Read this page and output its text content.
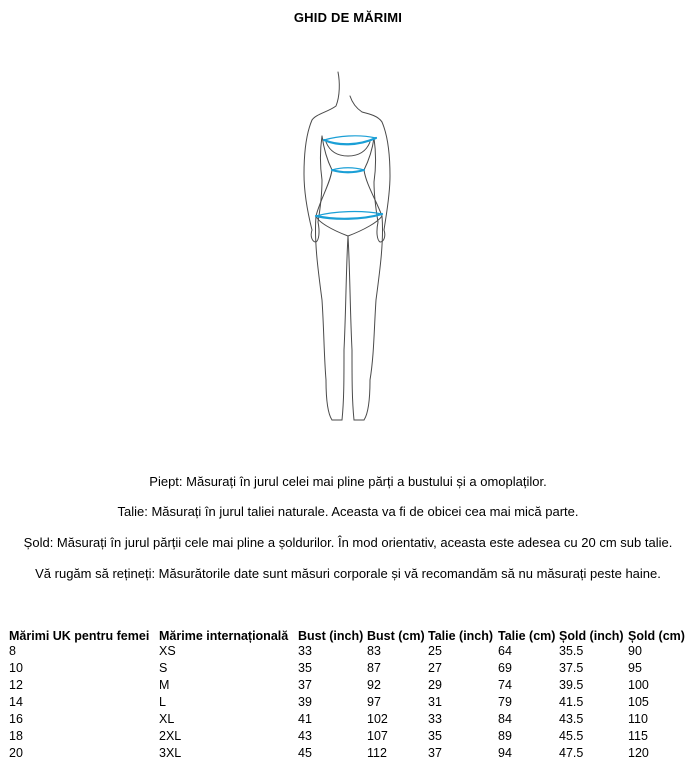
GHID DE MĂRIMI
Piept: Măsurați în jurul celei mai pline părți a bustului și a omoplaților.
Talie: Măsurați în jurul taliei naturale. Aceasta va fi de obicei cea mai mică parte.
Șold: Măsurați în jurul părții cele mai pline a șoldurilor. În mod orientativ, aceasta este adesea cu 20 cm sub talie.
Vă rugăm să rețineți: Măsurătorile date sunt măsuri corporale și vă recomandăm să nu măsurați peste haine.
Mărimi UK pentru femei	Mărime internațională	Bust (inch)	Bust (cm)	Talie (inch)	Talie (cm)	Șold (inch)	Șold (cm)
8	XS	33	83	25	64	35.5	90
10	S	35	87	27	69	37.5	95
12	M	37	92	29	74	39.5	100
14	L	39	97	31	79	41.5	105
16	XL	41	102	33	84	43.5	110
18	2XL	43	107	35	89	45.5	115
20	3XL	45	112	37	94	47.5	120
